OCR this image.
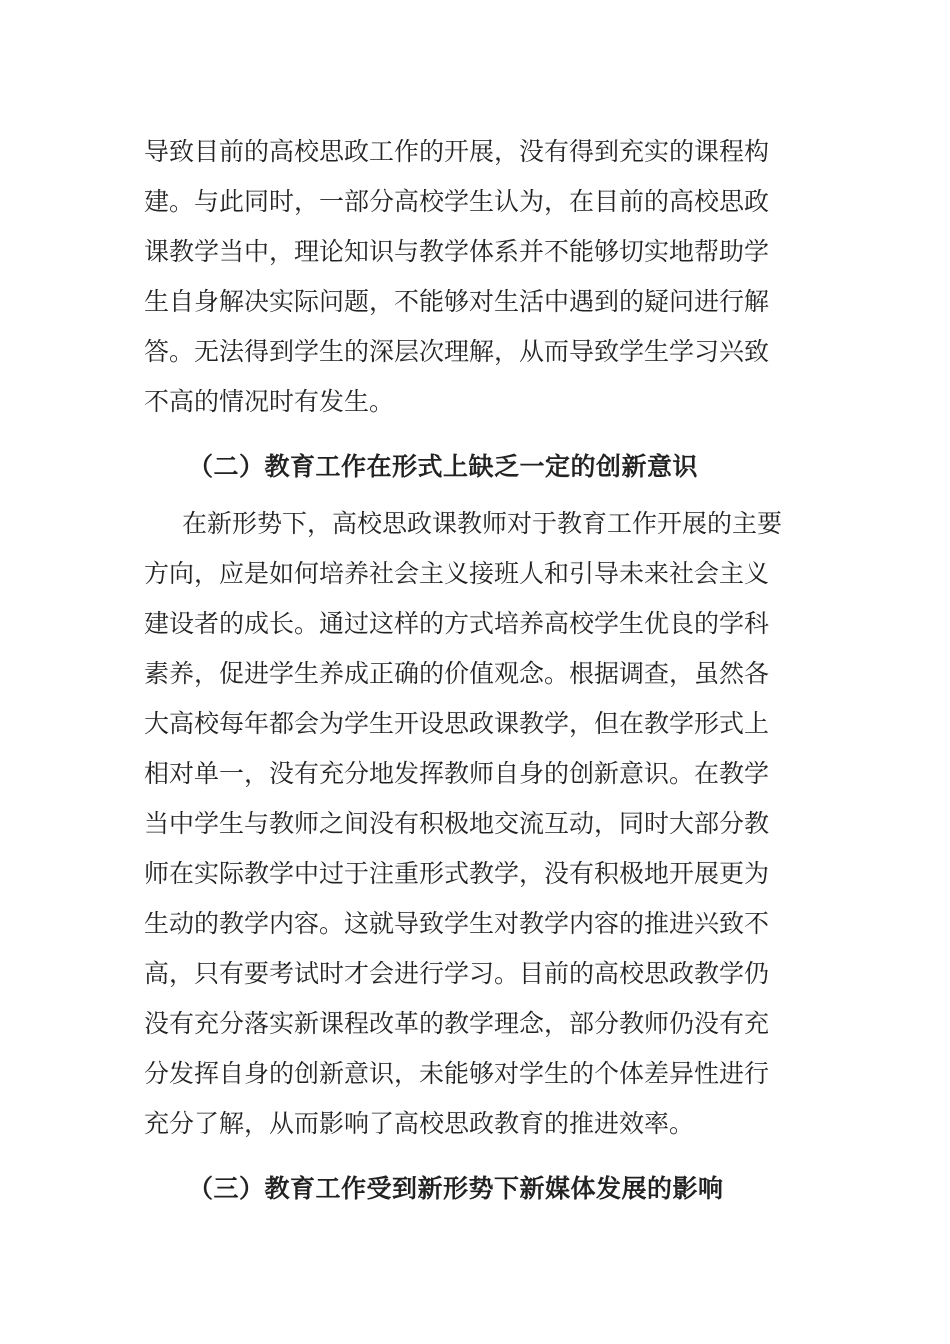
导致目前的高校思政工作的开展，没有得到充实的课程构
建。与此同时，一部分高校学生认为，在目前的高校思政
课教学当中，理论知识与教学体系并不能够切实地帮助学
生自身解决实际问题，不能够对生活中遇到的疑问进行解
答。无法得到学生的深层次理解，从而导致学生学习兴致
不高的情况时有发生。
（二）教育工作在形式上缺乏一定的创新意识
在新形势下，高校思政课教师对于教育工作开展的主要
方向，应是如何培养社会主义接班人和引导未来社会主义
建设者的成长。通过这样的方式培养高校学生优良的学科
素养，促进学生养成正确的价值观念。根据调查，虽然各
大高校每年都会为学生开设思政课教学，但在教学形式上
相对单一，没有充分地发挥教师自身的创新意识。在教学
当中学生与教师之间没有积极地交流互动，同时大部分教
师在实际教学中过于注重形式教学，没有积极地开展更为
生动的教学内容。这就导致学生对教学内容的推进兴致不
高，只有要考试时才会进行学习。目前的高校思政教学仍
没有充分落实新课程改革的教学理念，部分教师仍没有充
分发挥自身的创新意识，未能够对学生的个体差异性进行
充分了解，从而影响了高校思政教育的推进效率。
（三）教育工作受到新形势下新媒体发展的影响
